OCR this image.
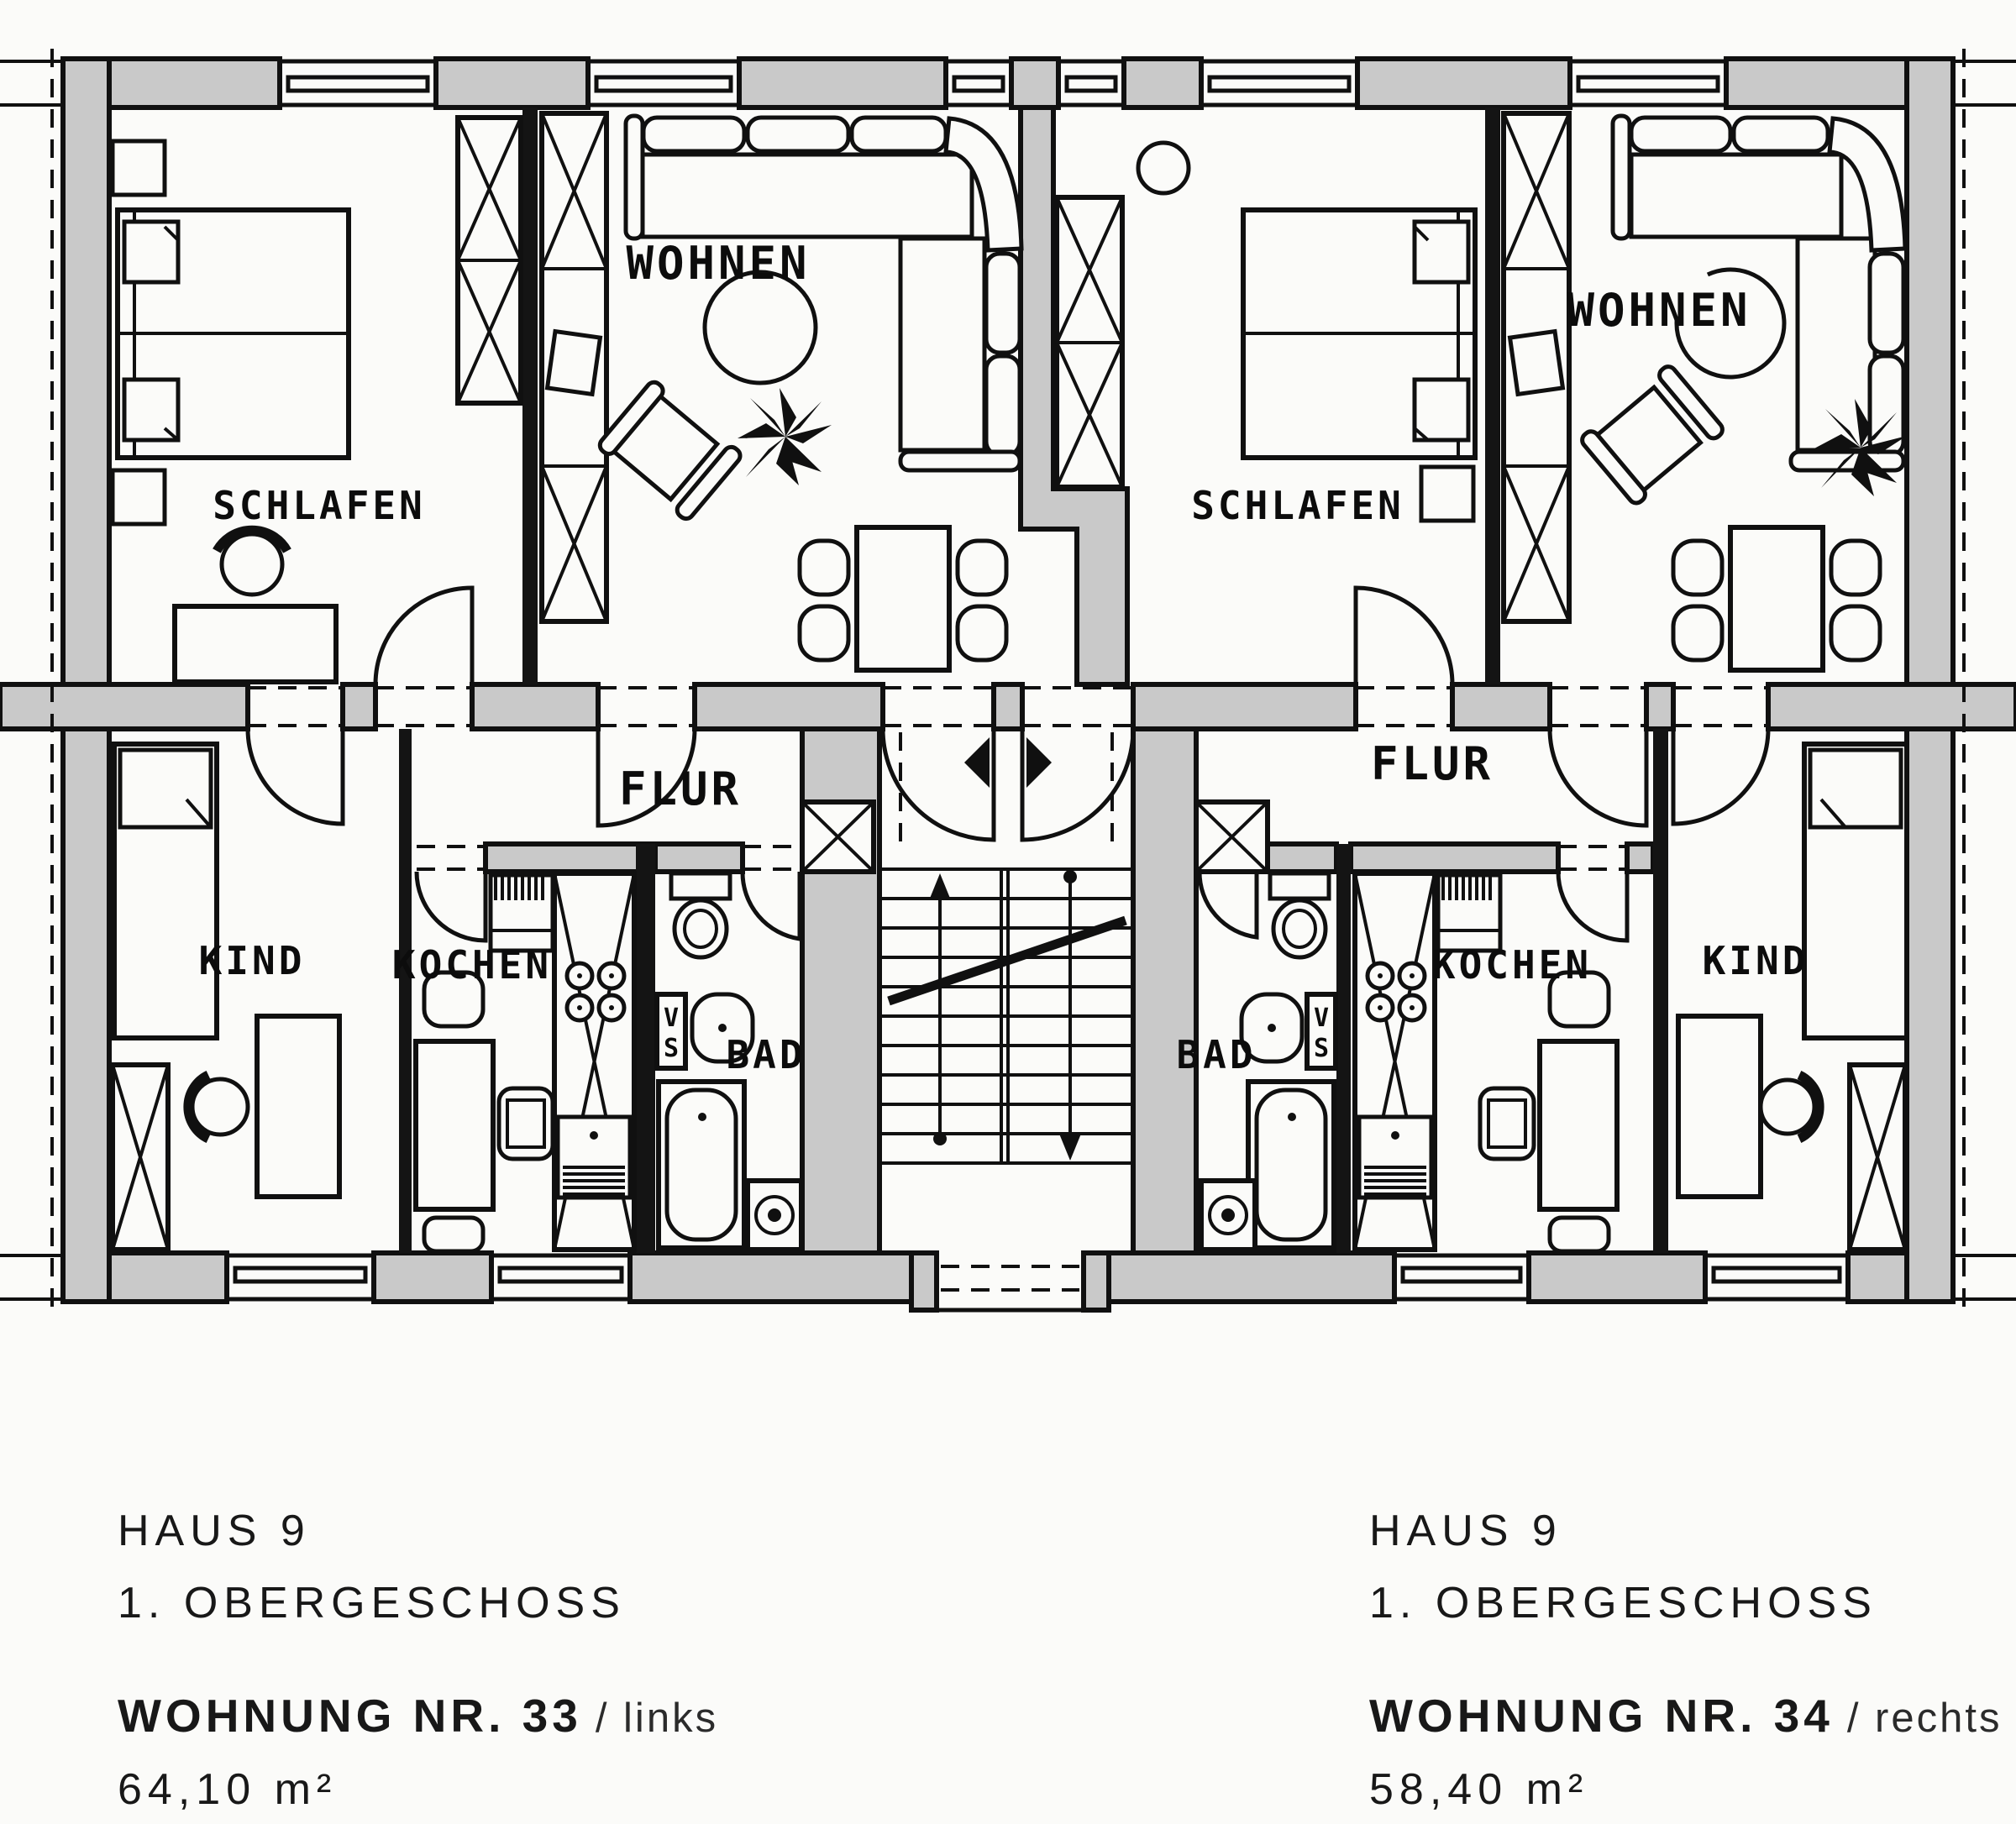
SCHLAFEN
WOHNEN
FLUR
KIND KOCHEN
V
S BAD
SCHLAFEN
WOHNEN
FLUR
V
S
BAD
KOCHEN	KIND
HAUS 9
1. OBERGESCHOSS
WOHNUNG NR. 33 / links
64,10 m²
HAUS 9
1. OBERGESCHOSS
WOHNUNG NR. 34 / rechts
58,40 m²
